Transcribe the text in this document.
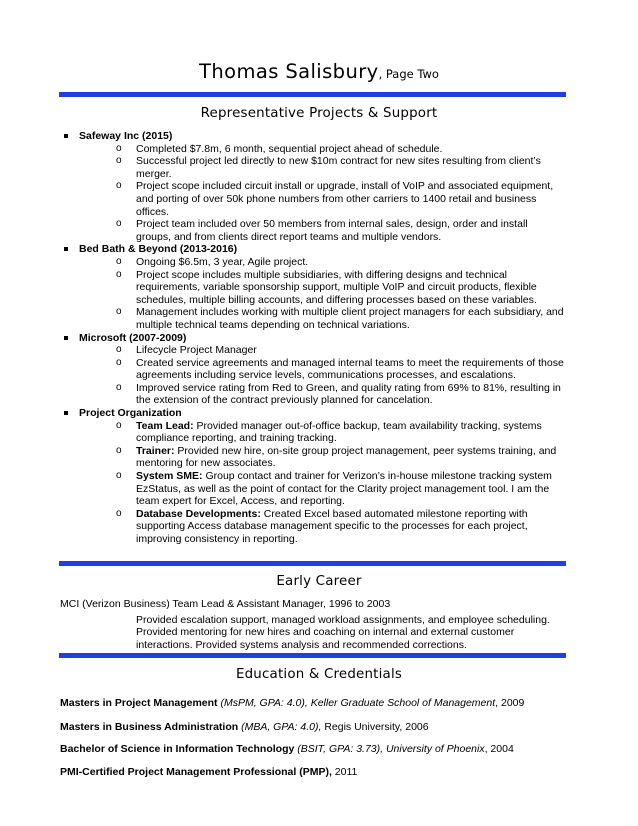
Thomas Salisbury, Page Two
Representative Projects & Support
Safeway Inc (2015)
o Completed $7.8m, 6 month, sequential project ahead of schedule.
o Successful project led directly to new $10m contract for new sites resulting from client’s merger.
o Project scope included circuit install or upgrade, install of VoIP and associated equipment, and porting of over 50k phone numbers from other carriers to 1400 retail and business offices.
o Project team included over 50 members from internal sales, design, order and install groups, and from clients direct report teams and multiple vendors.
Bed Bath & Beyond (2013-2016)
o Ongoing $6.5m, 3 year, Agile project.
o Project scope includes multiple subsidiaries, with differing designs and technical requirements, variable sponsorship support, multiple VoIP and circuit products, flexible schedules, multiple billing accounts, and differing processes based on these variables.
o Management includes working with multiple client project managers for each subsidiary, and multiple technical teams depending on technical variations.
Microsoft (2007-2009)
o Lifecycle Project Manager
o Created service agreements and managed internal teams to meet the requirements of those agreements including service levels, communications processes, and escalations.
o Improved service rating from Red to Green, and quality rating from 69% to 81%, resulting in the extension of the contract previously planned for cancelation.
Project Organization
o Team Lead: Provided manager out-of-office backup, team availability tracking, systems compliance reporting, and training tracking.
o Trainer: Provided new hire, on-site group project management, peer systems training, and mentoring for new associates.
o System SME: Group contact and trainer for Verizon’s in-house milestone tracking system EzStatus, as well as the point of contact for the Clarity project management tool. I am the team expert for Excel, Access, and reporting.
o Database Developments: Created Excel based automated milestone reporting with supporting Access database management specific to the processes for each project, improving consistency in reporting.
Early Career
MCI (Verizon Business) Team Lead & Assistant Manager, 1996 to 2003
Provided escalation support, managed workload assignments, and employee scheduling. Provided mentoring for new hires and coaching on internal and external customer interactions. Provided systems analysis and recommended corrections.
Education & Credentials
Masters in Project Management (MsPM, GPA: 4.0), Keller Graduate School of Management, 2009
Masters in Business Administration (MBA, GPA: 4.0), Regis University, 2006
Bachelor of Science in Information Technology (BSIT, GPA: 3.73), University of Phoenix, 2004
PMI-Certified Project Management Professional (PMP), 2011
